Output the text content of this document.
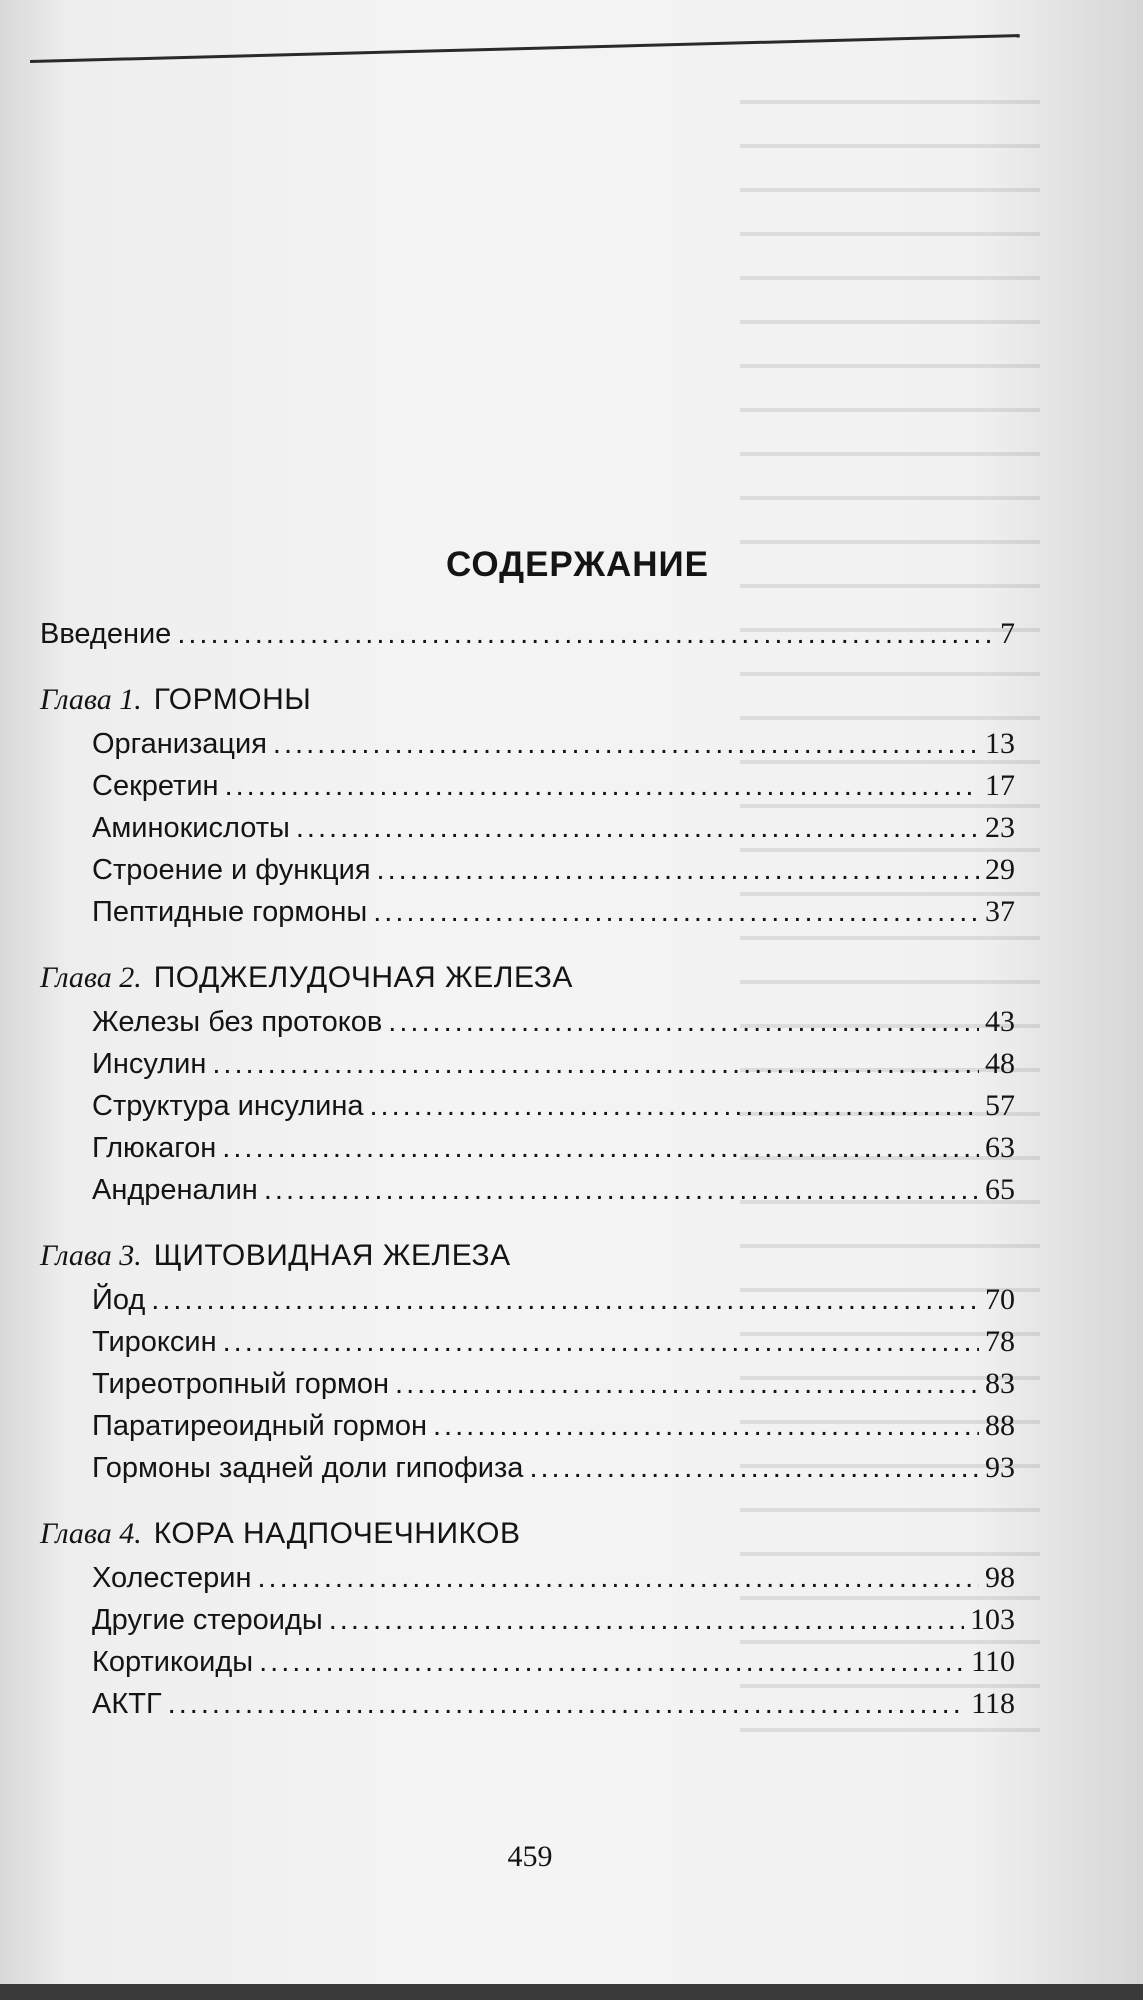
СОДЕРЖАНИЕ
Введение .....	7
Глава 1. ГОРМОНЫ
Организация .....	13
Секретин .....	17
Аминокислоты .....	23
Строение и функция .....	29
Пептидные гормоны .....	37
Глава 2. ПОДЖЕЛУДОЧНАЯ ЖЕЛЕЗА
Железы без протоков .....	43
Инсулин .....	48
Структура инсулина .....	57
Глюкагон .....	63
Андреналин .....	65
Глава 3. ЩИТОВИДНАЯ ЖЕЛЕЗА
Йод .....	70
Тироксин .....	78
Тиреотропный гормон .....	83
Паратиреоидный гормон .....	88
Гормоны задней доли гипофиза .....	93
Глава 4. КОРА НАДПОЧЕЧНИКОВ
Холестерин .....	98
Другие стероиды .....	103
Кортикоиды .....	110
АКТГ .....	118
459
